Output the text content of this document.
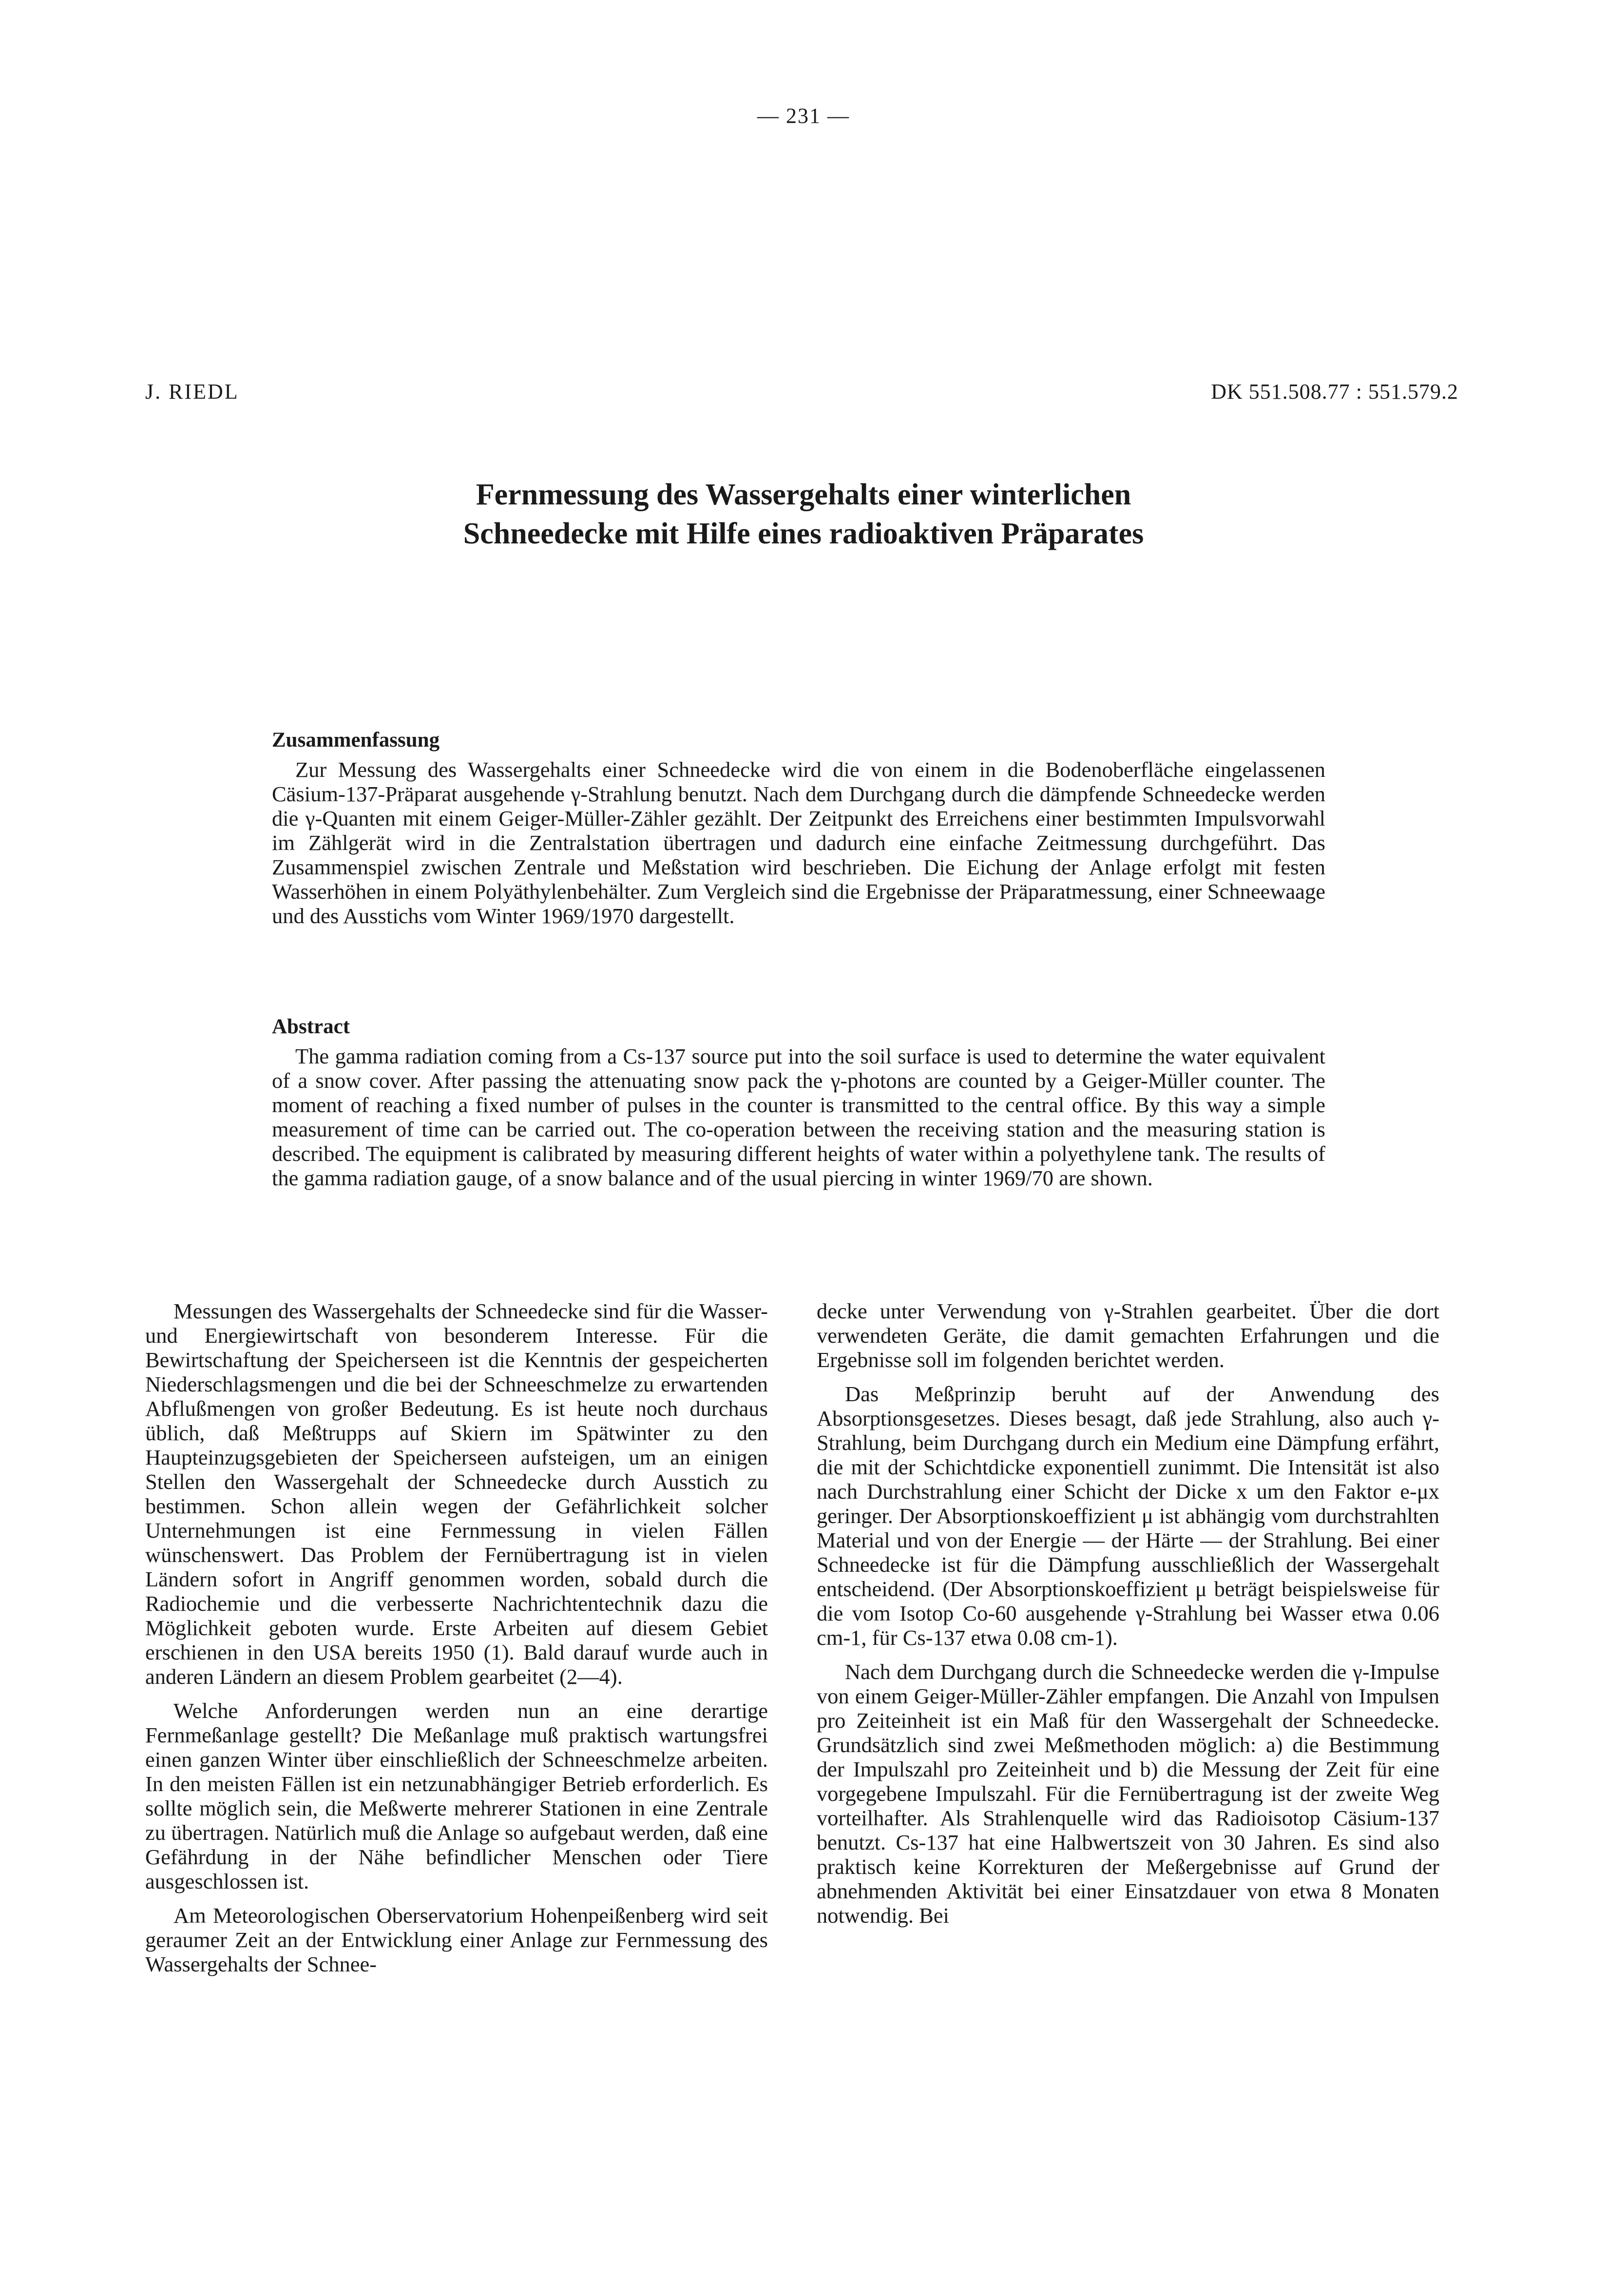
— 231 —
J. RIEDL	DK 551.508.77 : 551.579.2
Fernmessung des Wassergehalts einer winterlichen
Schneedecke mit Hilfe eines radioaktiven Präparates
Zusammenfassung

Zur Messung des Wassergehalts einer Schneedecke wird die von einem in die Bodenoberfläche eingelassenen Cäsium-137-Präparat ausgehende γ-Strahlung benutzt. Nach dem Durchgang durch die dämpfende Schneedecke werden die γ-Quanten mit einem Geiger-Müller-Zähler gezählt. Der Zeitpunkt des Erreichens einer bestimmten Impulsvorwahl im Zählgerät wird in die Zentralstation übertragen und dadurch eine einfache Zeitmessung durchgeführt. Das Zusammenspiel zwischen Zentrale und Meßstation wird beschrieben. Die Eichung der Anlage erfolgt mit festen Wasserhöhen in einem Polyäthylenbehälter. Zum Vergleich sind die Ergebnisse der Präparatmessung, einer Schneewaage und des Ausstichs vom Winter 1969/1970 dargestellt.

Abstract

The gamma radiation coming from a Cs-137 source put into the soil surface is used to determine the water equivalent of a snow cover. After passing the attenuating snow pack the γ-photons are counted by a Geiger-Müller counter. The moment of reaching a fixed number of pulses in the counter is transmitted to the central office. By this way a simple measurement of time can be carried out. The co-operation between the receiving station and the measuring station is described. The equipment is calibrated by measuring different heights of water within a polyethylene tank. The results of the gamma radiation gauge, of a snow balance and of the usual piercing in winter 1969/70 are shown.

Messungen des Wassergehalts der Schneedecke sind für die Wasser- und Energiewirtschaft von besonderem Interesse. Für die Bewirtschaftung der Speicherseen ist die Kenntnis der gespeicherten Niederschlagsmengen und die bei der Schneeschmelze zu erwartenden Abflußmengen von großer Bedeutung. Es ist heute noch durchaus üblich, daß Meßtrupps auf Skiern im Spätwinter zu den Haupteinzugsgebieten der Speicherseen aufsteigen, um an einigen Stellen den Wassergehalt der Schneedecke durch Ausstich zu bestimmen. Schon allein wegen der Gefährlichkeit solcher Unternehmungen ist eine Fernmessung in vielen Fällen wünschenswert. Das Problem der Fernübertragung ist in vielen Ländern sofort in Angriff genommen worden, sobald durch die Radiochemie und die verbesserte Nachrichtentechnik dazu die Möglichkeit geboten wurde. Erste Arbeiten auf diesem Gebiet erschienen in den USA bereits 1950 (1). Bald darauf wurde auch in anderen Ländern an diesem Problem gearbeitet (2—4).

Welche Anforderungen werden nun an eine derartige Fernmeßanlage gestellt? Die Meßanlage muß praktisch wartungsfrei einen ganzen Winter über einschließlich der Schneeschmelze arbeiten. In den meisten Fällen ist ein netzunabhängiger Betrieb erforderlich. Es sollte möglich sein, die Meßwerte mehrerer Stationen in eine Zentrale zu übertragen. Natürlich muß die Anlage so aufgebaut werden, daß eine Gefährdung in der Nähe befindlicher Menschen oder Tiere ausgeschlossen ist.

Am Meteorologischen Oberservatorium Hohenpeißenberg wird seit geraumer Zeit an der Entwicklung einer Anlage zur Fernmessung des Wassergehalts der Schnee-

decke unter Verwendung von γ-Strahlen gearbeitet. Über die dort verwendeten Geräte, die damit gemachten Erfahrungen und die Ergebnisse soll im folgenden berichtet werden.

Das Meßprinzip beruht auf der Anwendung des Absorptionsgesetzes. Dieses besagt, daß jede Strahlung, also auch γ-Strahlung, beim Durchgang durch ein Medium eine Dämpfung erfährt, die mit der Schichtdicke exponentiell zunimmt. Die Intensität ist also nach Durchstrahlung einer Schicht der Dicke x um den Faktor e-μx geringer. Der Absorptionskoeffizient μ ist abhängig vom durchstrahlten Material und von der Energie — der Härte — der Strahlung. Bei einer Schneedecke ist für die Dämpfung ausschließlich der Wassergehalt entscheidend. (Der Absorptionskoeffizient μ beträgt beispielsweise für die vom Isotop Co-60 ausgehende γ-Strahlung bei Wasser etwa 0.06 cm-1, für Cs-137 etwa 0.08 cm-1).

Nach dem Durchgang durch die Schneedecke werden die γ-Impulse von einem Geiger-Müller-Zähler empfangen. Die Anzahl von Impulsen pro Zeiteinheit ist ein Maß für den Wassergehalt der Schneedecke. Grundsätzlich sind zwei Meßmethoden möglich: a) die Bestimmung der Impulszahl pro Zeiteinheit und b) die Messung der Zeit für eine vorgegebene Impulszahl. Für die Fernübertragung ist der zweite Weg vorteilhafter. Als Strahlenquelle wird das Radioisotop Cäsium-137 benutzt. Cs-137 hat eine Halbwertszeit von 30 Jahren. Es sind also praktisch keine Korrekturen der Meßergebnisse auf Grund der abnehmenden Aktivität bei einer Einsatzdauer von etwa 8 Monaten notwendig. Bei
